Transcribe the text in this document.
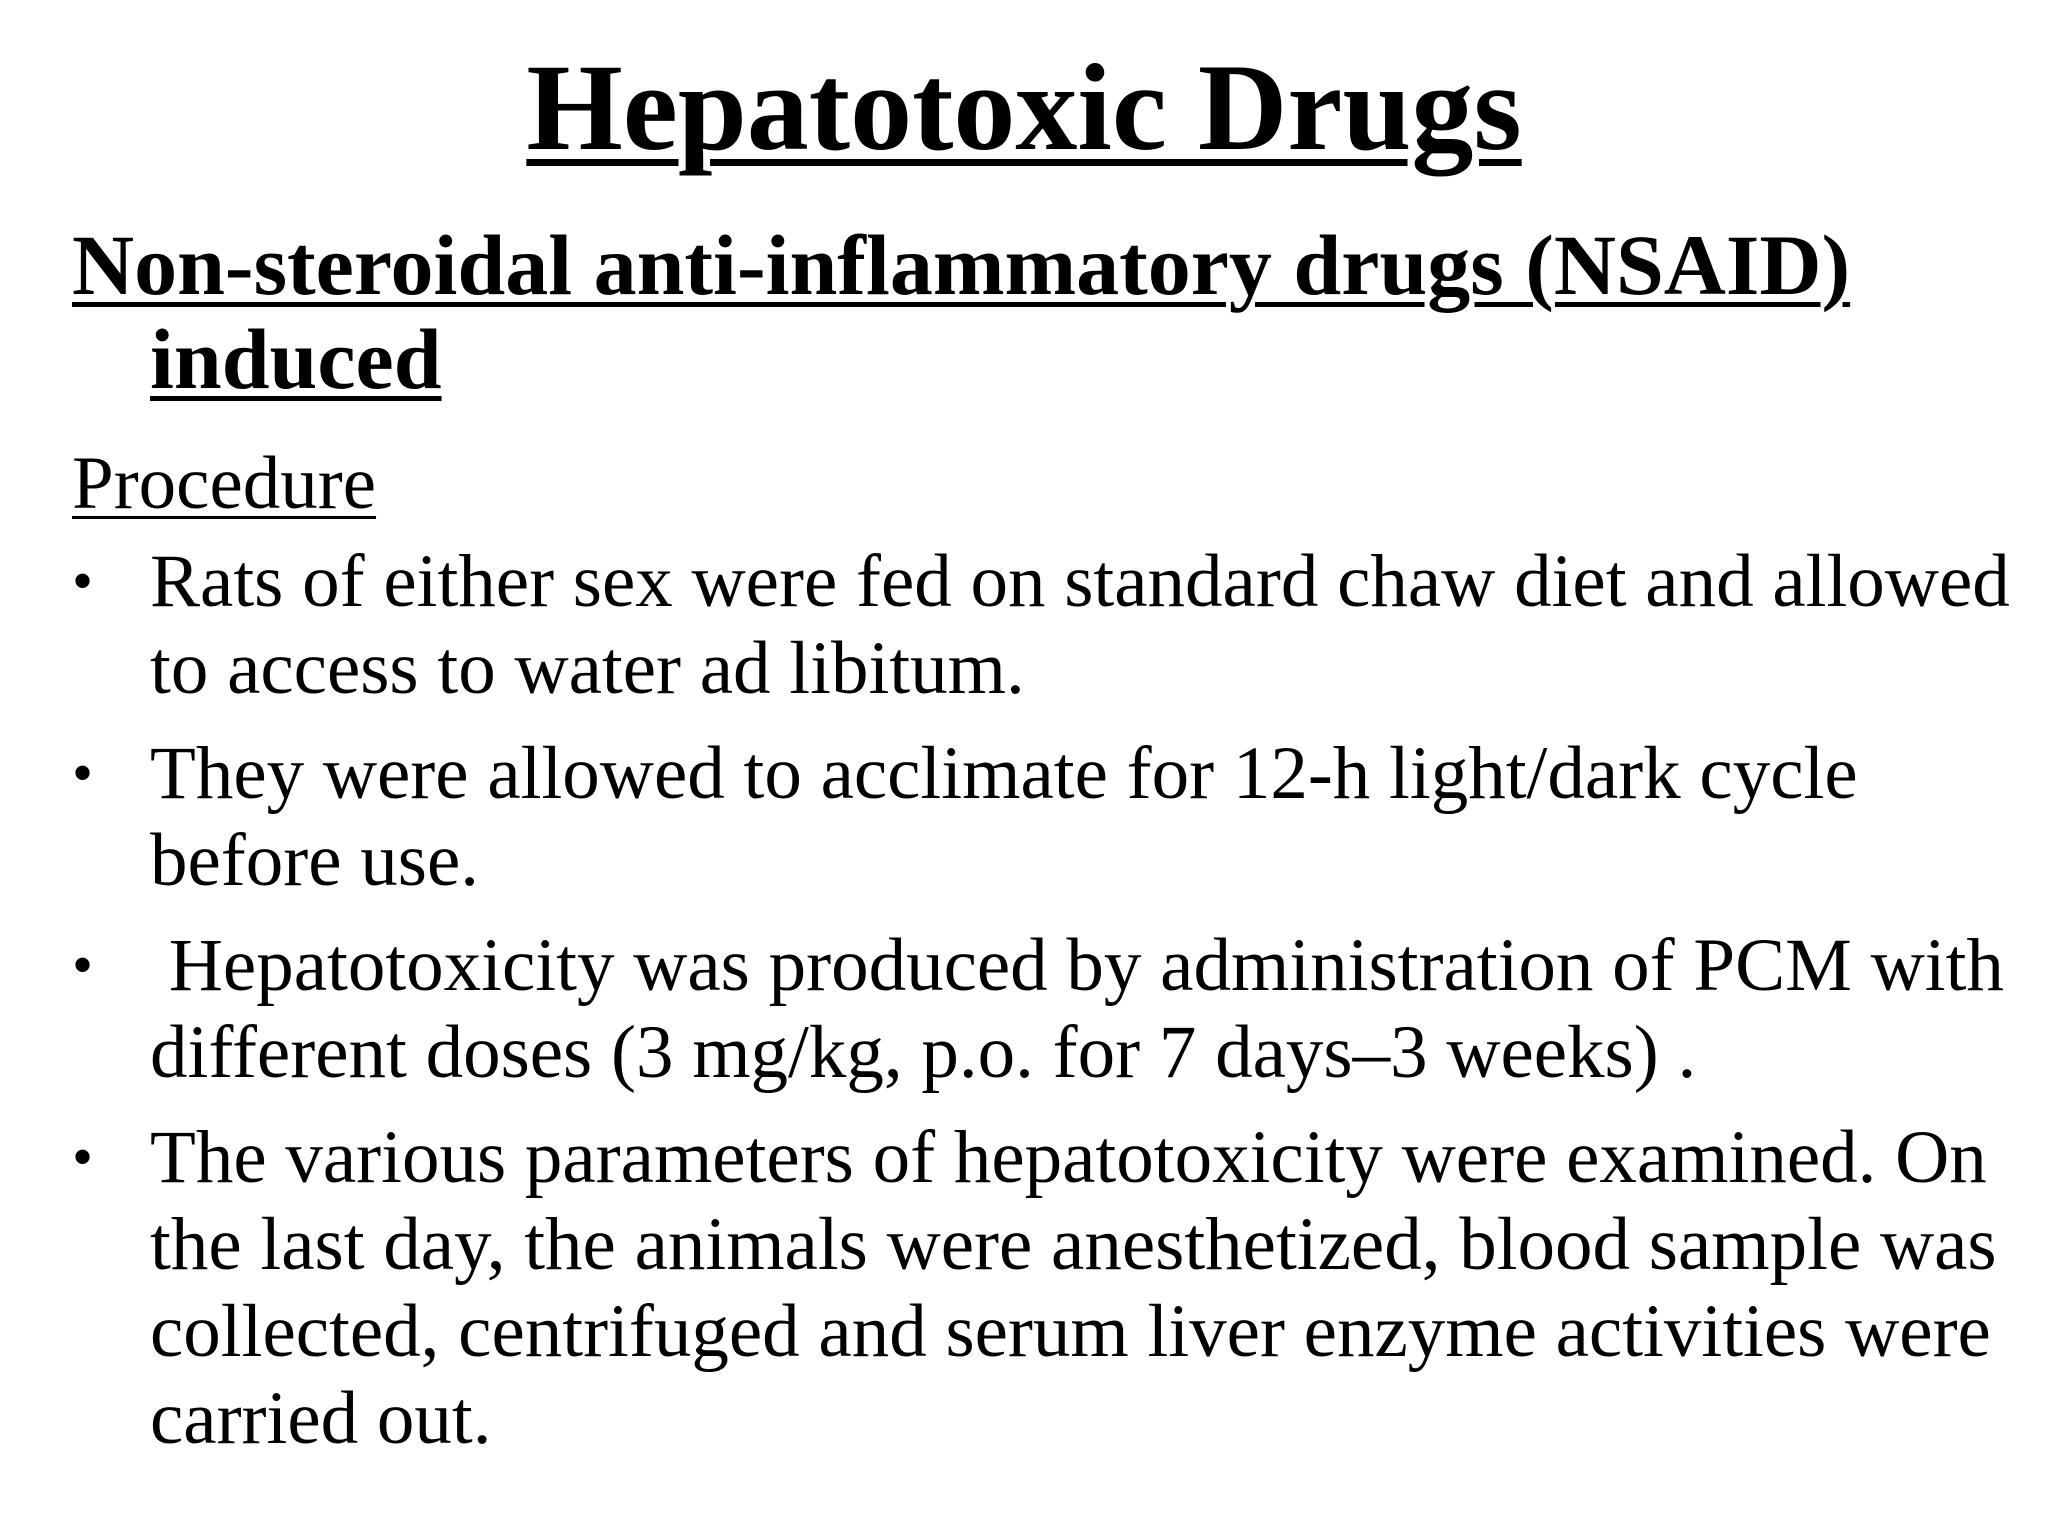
Hepatotoxic Drugs
Non-steroidal anti-inflammatory drugs (NSAID) induced
Procedure
• Rats of either sex were fed on standard chaw diet and allowed to access to water ad libitum.
• They were allowed to acclimate for 12-h light/dark cycle before use.
• Hepatotoxicity was produced by administration of PCM with different doses (3 mg/kg, p.o. for 7 days–3 weeks) .
• The various parameters of hepatotoxicity were examined. On the last day, the animals were anesthetized, blood sample was collected, centrifuged and serum liver enzyme activities were carried out.
